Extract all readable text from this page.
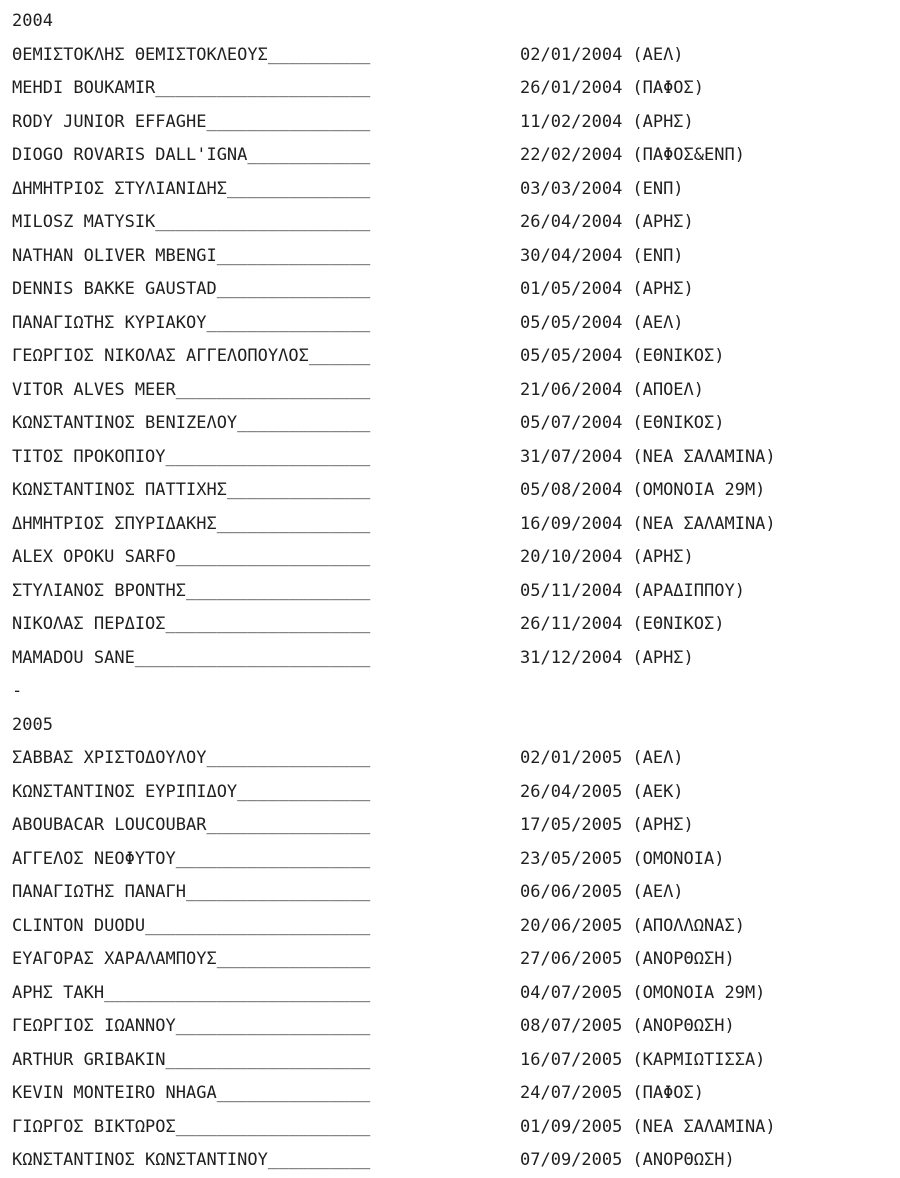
2004
ΘΕΜΙΣΤΟΚΛΗΣ ΘΕΜΙΣΤΟΚΛΕΟΥΣ__________	02/01/2004 (ΑΕΛ)
MEHDI BOUKAMIR_____________________	26/01/2004 (ΠΑΦΟΣ)
RODY JUNIOR EFFAGHE________________	11/02/2004 (ΑΡΗΣ)
DIOGO ROVARIS DALL'IGNA____________	22/02/2004 (ΠΑΦΟΣ&ΕΝΠ)
ΔΗΜΗΤΡΙΟΣ ΣΤΥΛΙΑΝΙΔΗΣ______________	03/03/2004 (ΕΝΠ)
MILOSZ MATYSIK_____________________	26/04/2004 (ΑΡΗΣ)
NATHAN OLIVER MBENGI_______________	30/04/2004 (ΕΝΠ)
DENNIS BAKKE GAUSTAD_______________	01/05/2004 (ΑΡΗΣ)
ΠΑΝΑΓΙΩΤΗΣ ΚΥΡΙΑΚΟΥ________________	05/05/2004 (ΑΕΛ)
ΓΕΩΡΓΙΟΣ ΝΙΚΟΛΑΣ ΑΓΓΕΛΟΠΟΥΛΟΣ______	05/05/2004 (ΕΘΝΙΚΟΣ)
VITOR ALVES MEER___________________	21/06/2004 (ΑΠΟΕΛ)
ΚΩΝΣΤΑΝΤΙΝΟΣ ΒΕΝΙΖΕΛΟΥ_____________	05/07/2004 (ΕΘΝΙΚΟΣ)
ΤΙΤΟΣ ΠΡΟΚΟΠΙΟΥ____________________	31/07/2004 (ΝΕΑ ΣΑΛΑΜΙΝΑ)
ΚΩΝΣΤΑΝΤΙΝΟΣ ΠΑΤΤΙΧΗΣ______________	05/08/2004 (ΟΜΟΝΟΙΑ 29Μ)
ΔΗΜΗΤΡΙΟΣ ΣΠΥΡΙΔΑΚΗΣ_______________	16/09/2004 (ΝΕΑ ΣΑΛΑΜΙΝΑ)
ALEX OPOKU SARFO___________________	20/10/2004 (ΑΡΗΣ)
ΣΤΥΛΙΑΝΟΣ ΒΡΟΝΤΗΣ__________________	05/11/2004 (ΑΡΑΔΙΠΠΟΥ)
ΝΙΚΟΛΑΣ ΠΕΡΔΙΟΣ____________________	26/11/2004 (ΕΘΝΙΚΟΣ)
MAMADOU SANE_______________________	31/12/2004 (ΑΡΗΣ)
-
2005
ΣΑΒΒΑΣ ΧΡΙΣΤΟΔΟΥΛΟΥ________________	02/01/2005 (ΑΕΛ)
ΚΩΝΣΤΑΝΤΙΝΟΣ ΕΥΡΙΠΙΔΟΥ_____________	26/04/2005 (ΑΕΚ)
ABOUBACAR LOUCOUBAR________________	17/05/2005 (ΑΡΗΣ)
ΑΓΓΕΛΟΣ ΝΕΟΦΥΤΟΥ___________________	23/05/2005 (ΟΜΟΝΟΙΑ)
ΠΑΝΑΓΙΩΤΗΣ ΠΑΝΑΓΗ__________________	06/06/2005 (ΑΕΛ)
CLINTON DUODU______________________	20/06/2005 (ΑΠΟΛΛΩΝΑΣ)
ΕΥΑΓΟΡΑΣ ΧΑΡΑΛΑΜΠΟΥΣ_______________	27/06/2005 (ΑΝΟΡΘΩΣΗ)
ΑΡΗΣ ΤΑΚΗ__________________________	04/07/2005 (ΟΜΟΝΟΙΑ 29Μ)
ΓΕΩΡΓΙΟΣ ΙΩΑΝΝΟΥ___________________	08/07/2005 (ΑΝΟΡΘΩΣΗ)
ARTHUR GRIBAKIN____________________	16/07/2005 (ΚΑΡΜΙΩΤΙΣΣΑ)
KEVIN MONTEIRO NHAGA_______________	24/07/2005 (ΠΑΦΟΣ)
ΓΙΩΡΓΟΣ ΒΙΚΤΩΡΟΣ___________________	01/09/2005 (ΝΕΑ ΣΑΛΑΜΙΝΑ)
ΚΩΝΣΤΑΝΤΙΝΟΣ ΚΩΝΣΤΑΝΤΙΝΟΥ__________	07/09/2005 (ΑΝΟΡΘΩΣΗ)
